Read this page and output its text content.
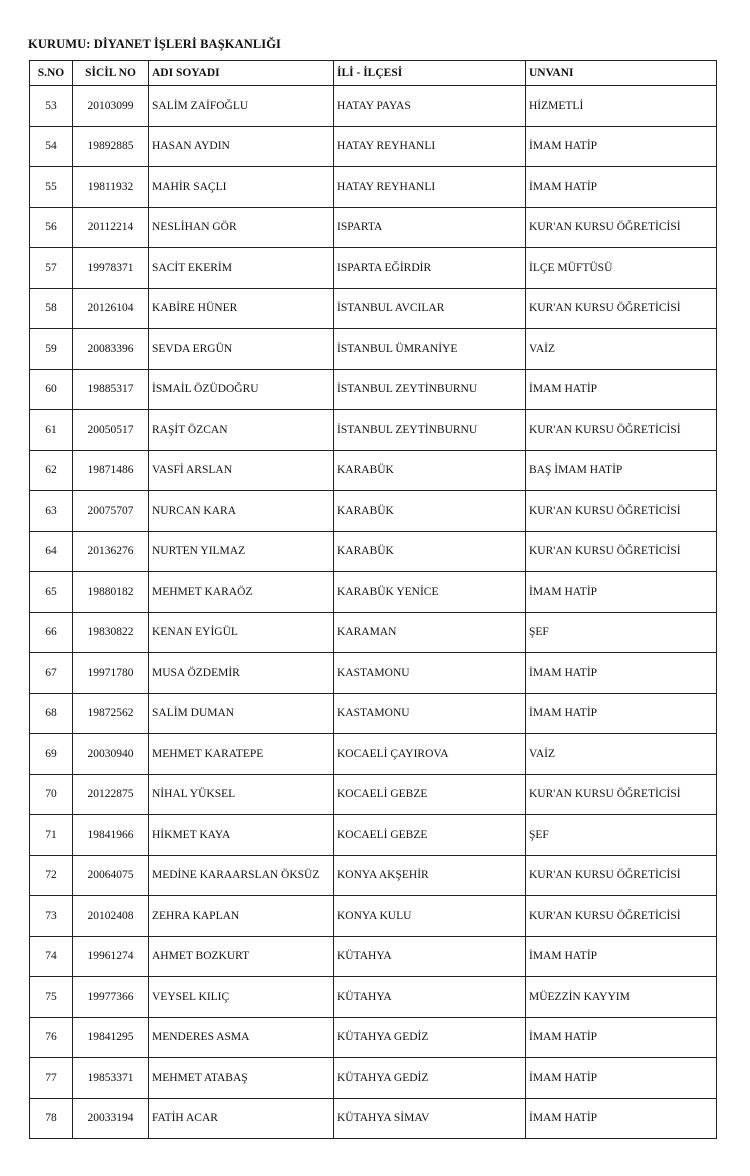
KURUMU: DİYANET İŞLERİ BAŞKANLIĞI
S.NO	SİCİL NO	ADI SOYADI	İLİ - İLÇESİ	UNVANI
53	20103099	SALİM ZAİFOĞLU	HATAY PAYAS	HİZMETLİ
54	19892885	HASAN AYDIN	HATAY REYHANLI	İMAM HATİP
55	19811932	MAHİR SAÇLI	HATAY REYHANLI	İMAM HATİP
56	20112214	NESLİHAN GÖR	ISPARTA	KUR'AN KURSU ÖĞRETİCİSİ
57	19978371	SACİT EKERİM	ISPARTA EĞİRDİR	İLÇE MÜFTÜSÜ
58	20126104	KABİRE HÜNER	İSTANBUL AVCILAR	KUR'AN KURSU ÖĞRETİCİSİ
59	20083396	SEVDA ERGÜN	İSTANBUL ÜMRANİYE	VAİZ
60	19885317	İSMAİL ÖZÜDOĞRU	İSTANBUL ZEYTİNBURNU	İMAM HATİP
61	20050517	RAŞİT ÖZCAN	İSTANBUL ZEYTİNBURNU	KUR'AN KURSU ÖĞRETİCİSİ
62	19871486	VASFİ ARSLAN	KARABÜK	BAŞ İMAM HATİP
63	20075707	NURCAN KARA	KARABÜK	KUR'AN KURSU ÖĞRETİCİSİ
64	20136276	NURTEN YILMAZ	KARABÜK	KUR'AN KURSU ÖĞRETİCİSİ
65	19880182	MEHMET KARAÖZ	KARABÜK YENİCE	İMAM HATİP
66	19830822	KENAN EYİGÜL	KARAMAN	ŞEF
67	19971780	MUSA ÖZDEMİR	KASTAMONU	İMAM HATİP
68	19872562	SALİM DUMAN	KASTAMONU	İMAM HATİP
69	20030940	MEHMET KARATEPE	KOCAELİ ÇAYIROVA	VAİZ
70	20122875	NİHAL YÜKSEL	KOCAELİ GEBZE	KUR'AN KURSU ÖĞRETİCİSİ
71	19841966	HİKMET KAYA	KOCAELİ GEBZE	ŞEF
72	20064075	MEDİNE KARAARSLAN ÖKSÜZ	KONYA AKŞEHİR	KUR'AN KURSU ÖĞRETİCİSİ
73	20102408	ZEHRA KAPLAN	KONYA KULU	KUR'AN KURSU ÖĞRETİCİSİ
74	19961274	AHMET BOZKURT	KÜTAHYA	İMAM HATİP
75	19977366	VEYSEL KILIÇ	KÜTAHYA	MÜEZZİN KAYYIM
76	19841295	MENDERES ASMA	KÜTAHYA GEDİZ	İMAM HATİP
77	19853371	MEHMET ATABAŞ	KÜTAHYA GEDİZ	İMAM HATİP
78	20033194	FATİH ACAR	KÜTAHYA SİMAV	İMAM HATİP
